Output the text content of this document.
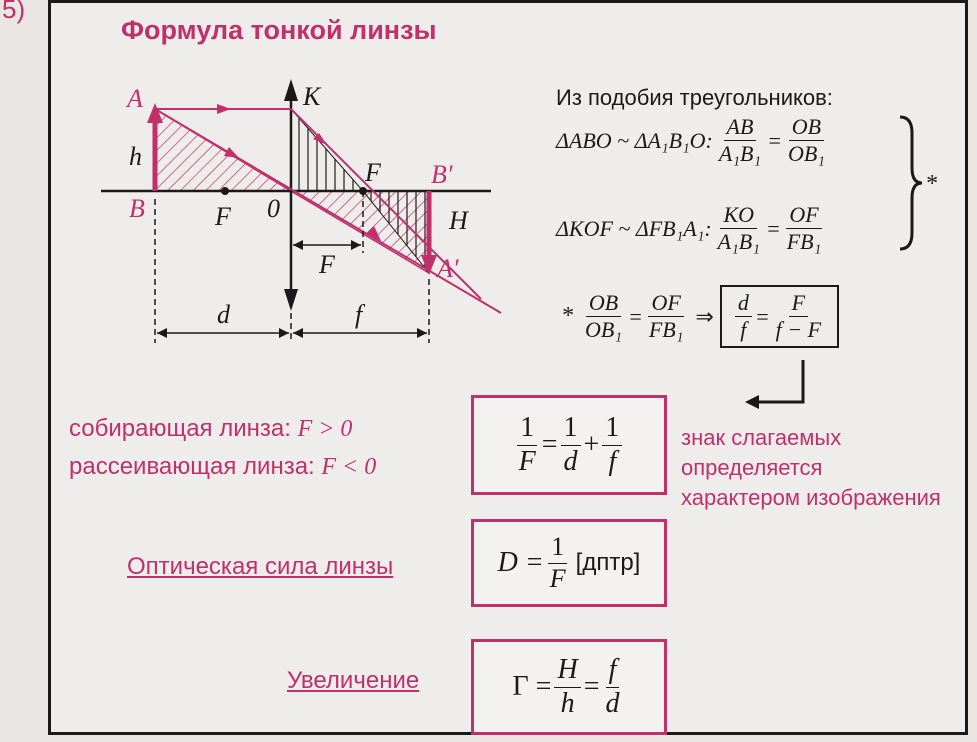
5)
Формула тонкой линзы
A
h
B
K
F 0
F B′
H
A′
F
d	f
Из подобия треугольников:
ΔABO ~ ΔA₁B₁O: $\frac{AB}{\text{A₁B₁}} = \frac{OB}{\text{OB₁}}$
ΔKOF ~ ΔFB₁A₁: $\frac{KO}{\text{A₁B₁}} = \frac{OF}{\text{FB₁}}$
*
* $\frac{OB}{\text{OB₁}} = \frac{OF}{\text{FB₁}}$ ⇒ $\frac{d}{f} = \frac{F}{f - F}$
собирающая линза: F > 0
рассеивающая линза: F < 0	$\frac{1}{F} = \frac{1}{d} + \frac{1}{f}$	знак слагаемых
определяется
характером изображения
Оптическая сила линзы	$D = \frac{1}{F}$ [дптр]
Увеличение	$\Gamma = \frac{H}{h} = \frac{f}{d}$
